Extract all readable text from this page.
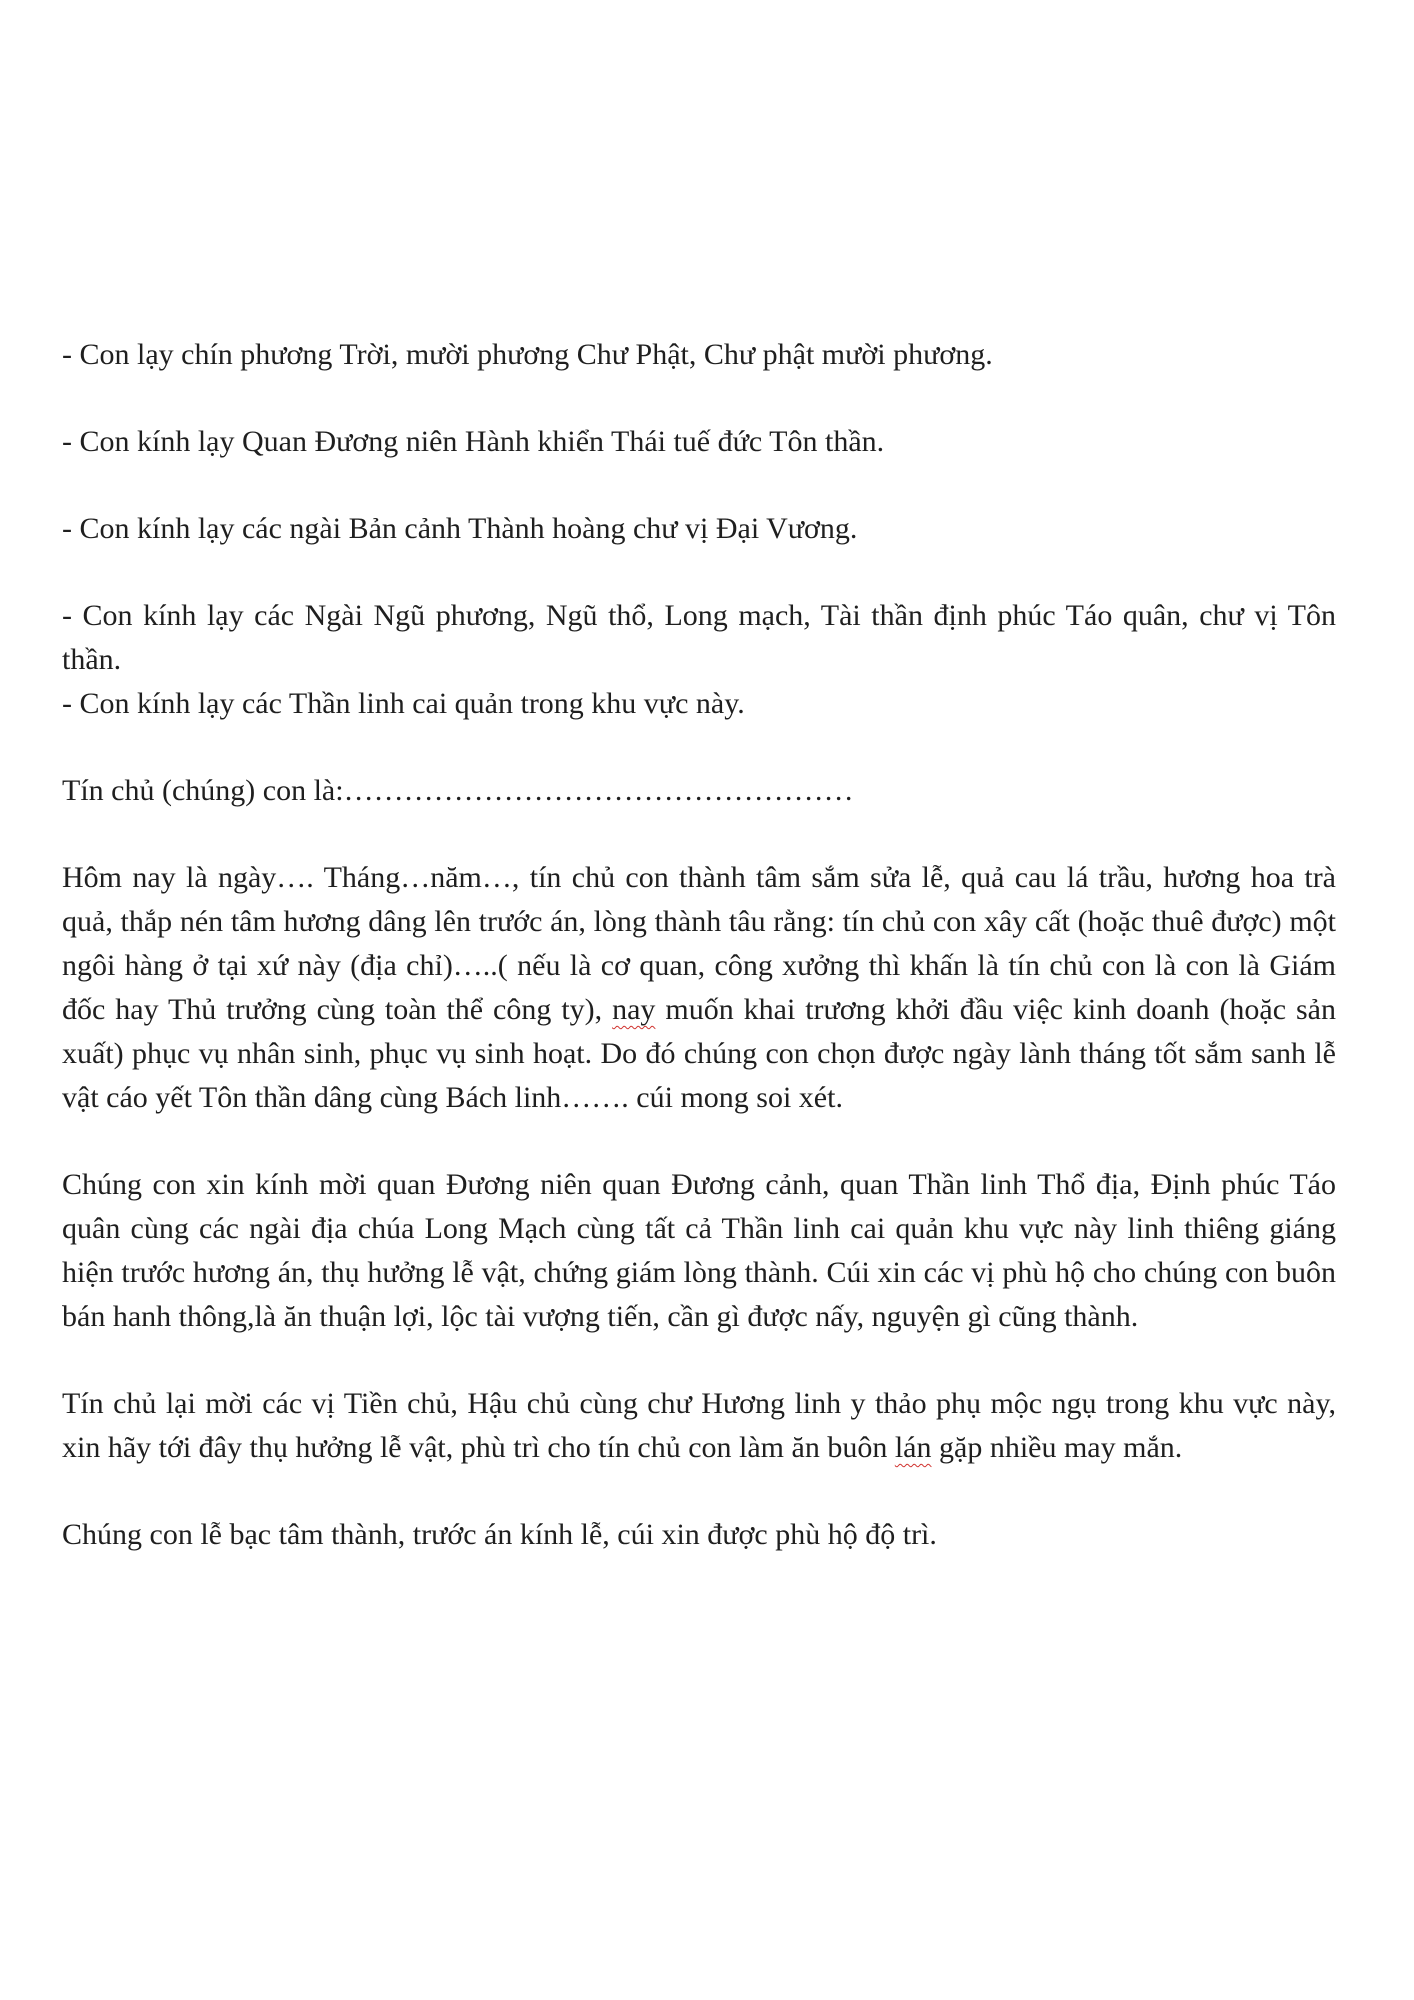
- Con lạy chín phương Trời, mười phương Chư Phật, Chư phật mười phương.

- Con kính lạy Quan Đương niên Hành khiển Thái tuế đức Tôn thần.

- Con kính lạy các ngài Bản cảnh Thành hoàng chư vị Đại Vương.

- Con kính lạy các Ngài Ngũ phương, Ngũ thổ, Long mạch, Tài thần định phúc Táo quân, chư vị Tôn thần.

- Con kính lạy các Thần linh cai quản trong khu vực này.

Tín chủ (chúng) con là:……………………………………………

Hôm nay là ngày…. Tháng…năm…, tín chủ con thành tâm sắm sửa lễ, quả cau lá trầu, hương hoa trà quả, thắp nén tâm hương dâng lên trước án, lòng thành tâu rằng: tín chủ con xây cất (hoặc thuê được) một ngôi hàng ở tại xứ này (địa chỉ)…..( nếu là cơ quan, công xưởng thì khấn là tín chủ con là con là Giám đốc hay Thủ trưởng cùng toàn thể công ty), nay muốn khai trương khởi đầu việc kinh doanh (hoặc sản xuất) phục vụ nhân sinh, phục vụ sinh hoạt. Do đó chúng con chọn được ngày lành tháng tốt sắm sanh lễ vật cáo yết Tôn thần dâng cùng Bách linh……. cúi mong soi xét.

Chúng con xin kính mời quan Đương niên quan Đương cảnh, quan Thần linh Thổ địa, Định phúc Táo quân cùng các ngài địa chúa Long Mạch cùng tất cả Thần linh cai quản khu vực này linh thiêng giáng hiện trước hương án, thụ hưởng lễ vật, chứng giám lòng thành. Cúi xin các vị phù hộ cho chúng con buôn bán hanh thông,là ăn thuận lợi, lộc tài vượng tiến, cần gì được nấy, nguyện gì cũng thành.

Tín chủ lại mời các vị Tiền chủ, Hậu chủ cùng chư Hương linh y thảo phụ mộc ngụ trong khu vực này, xin hãy tới đây thụ hưởng lễ vật, phù trì cho tín chủ con làm ăn buôn lán gặp nhiều may mắn.

Chúng con lễ bạc tâm thành, trước án kính lễ, cúi xin được phù hộ độ trì.
